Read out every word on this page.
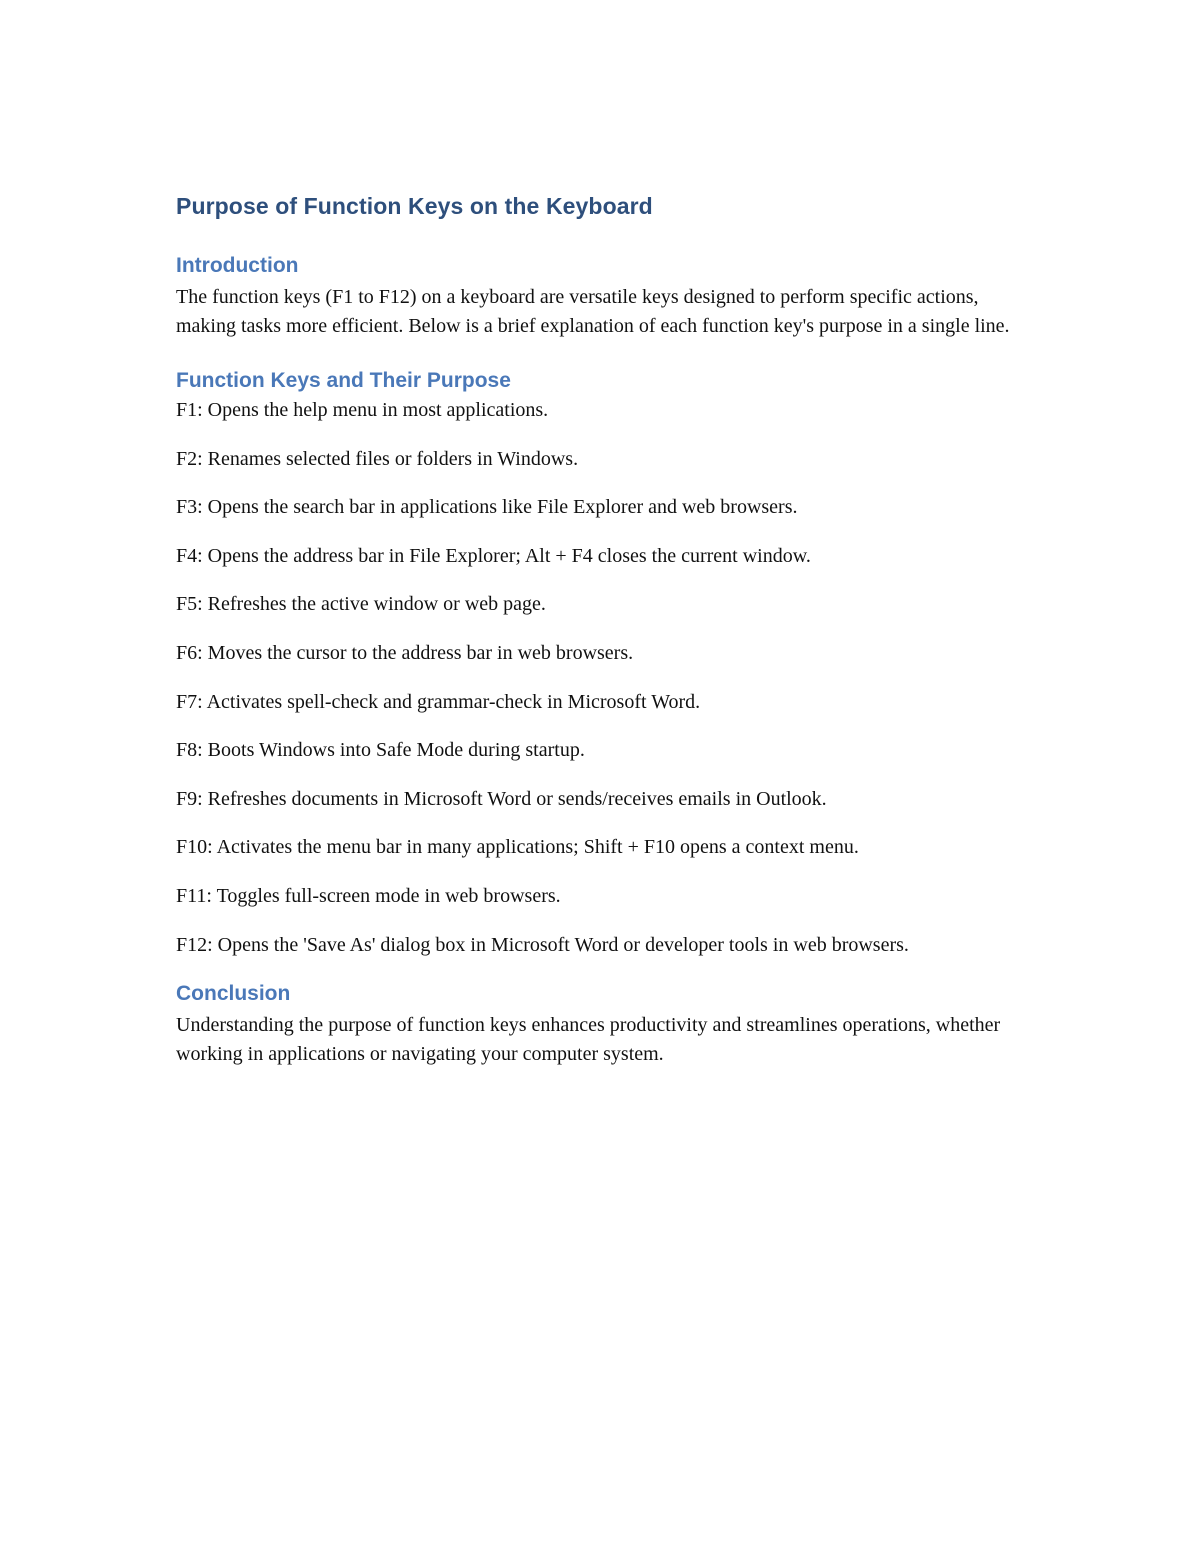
Purpose of Function Keys on the Keyboard
Introduction

The function keys (F1 to F12) on a keyboard are versatile keys designed to perform specific actions, making tasks more efficient. Below is a brief explanation of each function key's purpose in a single line.

Function Keys and Their Purpose
F1: Opens the help menu in most applications.
F2: Renames selected files or folders in Windows.
F3: Opens the search bar in applications like File Explorer and web browsers.
F4: Opens the address bar in File Explorer; Alt + F4 closes the current window.
F5: Refreshes the active window or web page.
F6: Moves the cursor to the address bar in web browsers.
F7: Activates spell-check and grammar-check in Microsoft Word.
F8: Boots Windows into Safe Mode during startup.
F9: Refreshes documents in Microsoft Word or sends/receives emails in Outlook.
F10: Activates the menu bar in many applications; Shift + F10 opens a context menu.
F11: Toggles full-screen mode in web browsers.
F12: Opens the 'Save As' dialog box in Microsoft Word or developer tools in web browsers.
Conclusion

Understanding the purpose of function keys enhances productivity and streamlines operations, whether working in applications or navigating your computer system.
